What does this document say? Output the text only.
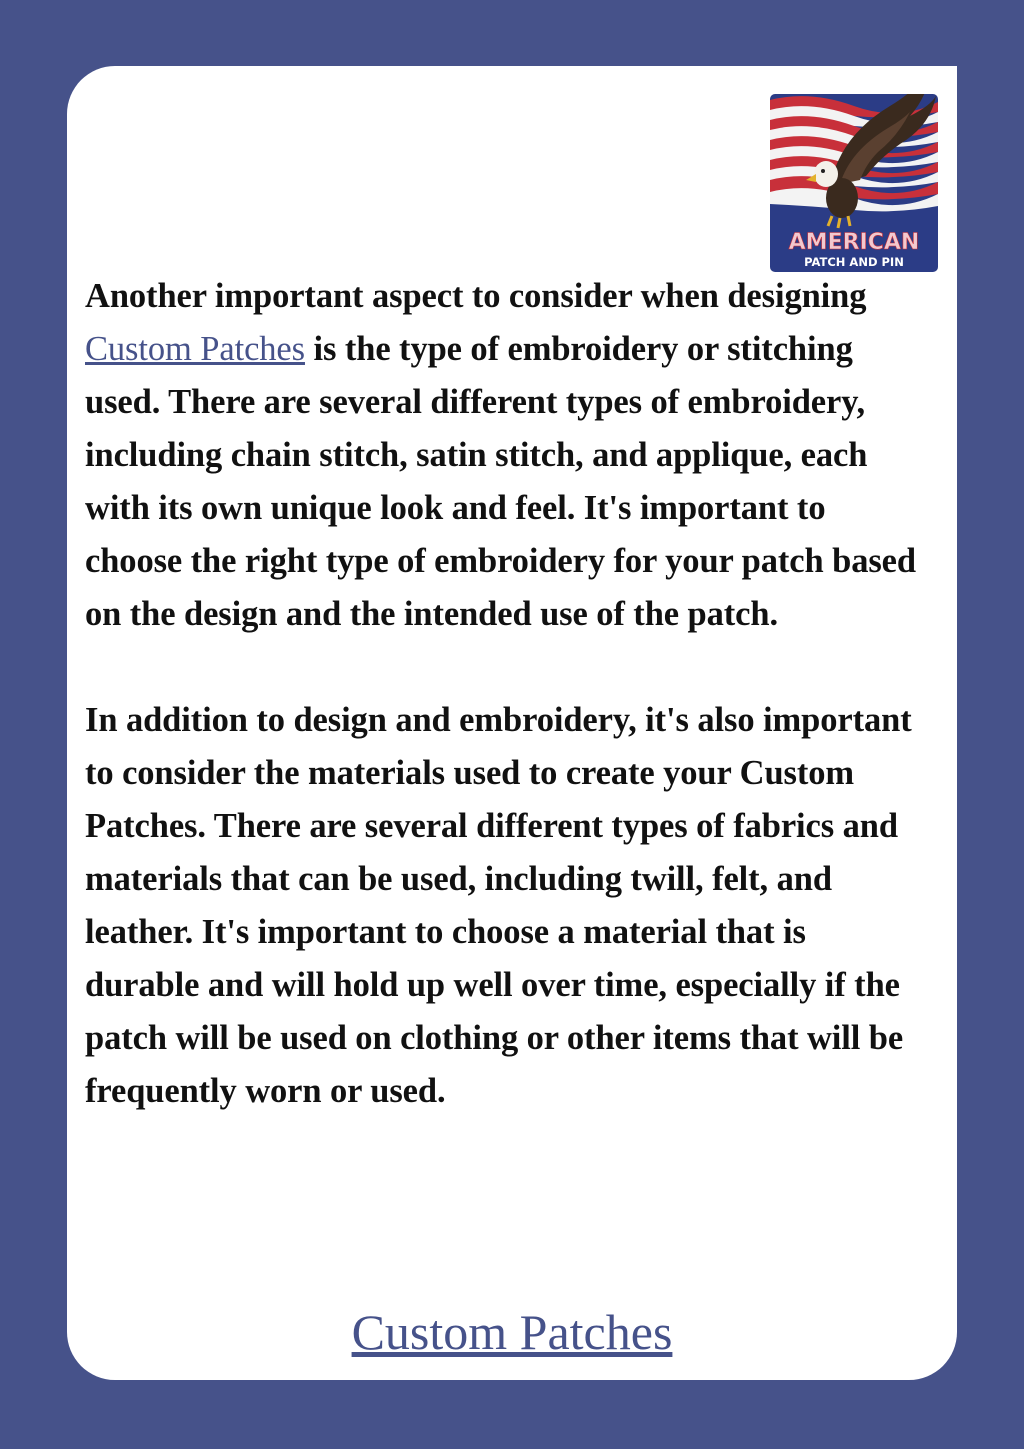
AMERICAN
PATCH AND PIN

Another important aspect to consider when designing Custom Patches is the type of embroidery or stitching used. There are several different types of embroidery, including chain stitch, satin stitch, and applique, each with its own unique look and feel. It's important to choose the right type of embroidery for your patch based on the design and the intended use of the patch.

In addition to design and embroidery, it's also important to consider the materials used to create your Custom Patches. There are several different types of fabrics and materials that can be used, including twill, felt, and leather. It's important to choose a material that is durable and will hold up well over time, especially if the patch will be used on clothing or other items that will be frequently worn or used.

Custom Patches
